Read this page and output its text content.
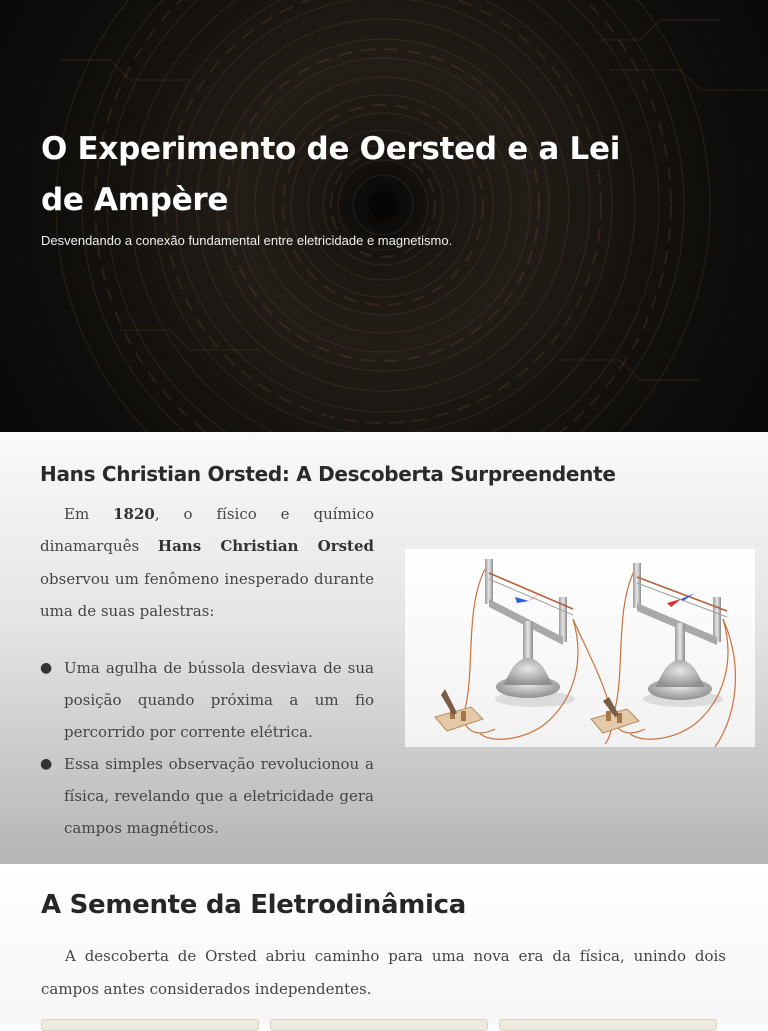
O Experimento de Oersted e a Lei de Ampère

Desvendando a conexão fundamental entre eletricidade e magnetismo.

Hans Christian Orsted: A Descoberta Surpreendente

Em 1820, o físico e químico dinamarquês Hans Christian Orsted observou um fenômeno inesperado durante uma de suas palestras:

● Uma agulha de bússola desviava de sua posição quando próxima a um fio percorrido por corrente elétrica.
● Essa simples observação revolucionou a física, revelando que a eletricidade gera campos magnéticos.
A Semente da Eletrodinâmica

A descoberta de Orsted abriu caminho para uma nova era da física, unindo dois campos antes considerados independentes.
